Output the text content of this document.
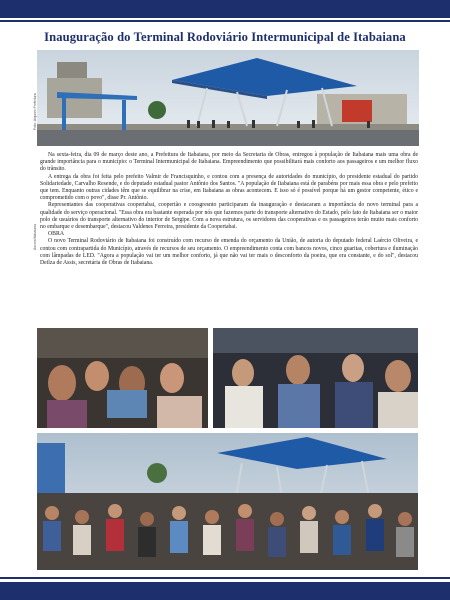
Inauguração do Terminal Rodoviário Intermunicipal de Itabaiana
Foto: Arquivo Prefeitura
Ascom/Itabaiana

Na sexta-feira, dia 09 de março deste ano, a Prefeitura de Itabaiana, por meio da Secretaria de Obras, entregou à população de Itabaiana mais uma obra de grande importância para o município: o Terminal Intermunicipal de Itabaiana. Empreendimento que possibilitará mais conforto aos passageiros e um melhor fluxo do trânsito.

A entrega da obra foi feita pelo prefeito Valmir de Francisquinho, e contou com a presença de autoridades do município, do presidente estadual do partido Solidariedade, Carvalho Resende, e do deputado estadual pastor Antônio dos Santos. "A população de Itabaiana está de parabéns por mais essa obra e pelo prefeito que tem. Enquanto outras cidades têm que se equilibrar na crise, em Itabaiana as obras acontecem. E isso só é possível porque há um gestor competente, ético e comprometido com o povo", disse Pr. Antônio.

Representantes das cooperativas coopertabai, coopertão e coosgresnto participaram da inauguração e destacaram a importância do novo terminal para a qualidade do serviço operacional. "Essa obra era bastante esperada por nós que fazemos parte do transporte alternativo do Estado, pelo fato de Itabaiana ser o maior polo de usuários do transporte alternativo do interior de Sergipe. Com a nova estrutura, os servidores das cooperativas e os passageiros terão muito mais conforto no embarque e desembarque", destacou Valdenes Ferreira, presidente da Coopertabai.

OBRA

O novo Terminal Rodoviário de Itabaiana foi construído com recurso de emenda do orçamento da União, de autoria do deputado federal Laércio Oliveira, e contou com contrapartida do Município, através de recursos de seu orçamento. O empreendimento conta com bancos novos, cinco guaritas, cobertura e iluminação com lâmpadas de LED. "Agora a população vai ter um melhor conforto, já que não vai ter mais o desconforto da poeira, que era constante, e do sol", destacou Deilza de Assis, secretária de Obras de Itabaiana.
